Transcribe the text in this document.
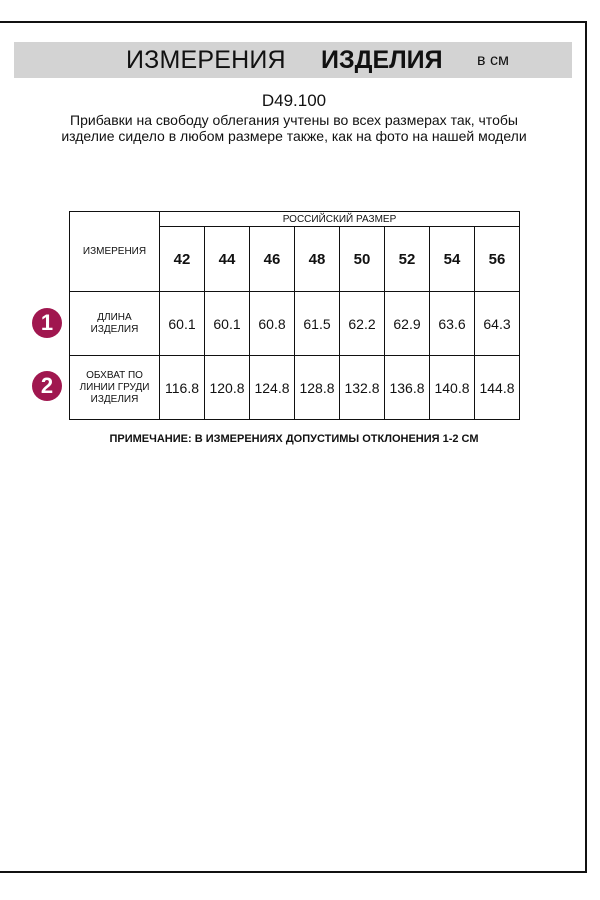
ИЗМЕРЕНИЯ ИЗДЕЛИЯ в см
D49.100
Прибавки на свободу облегания учтены во всех размерах так, чтобы изделие сидело в любом размере также, как на фото на нашей модели
1
2
ИЗМЕРЕНИЯ	РОССИЙСКИЙ РАЗМЕР							
	42	44	46	48	50	52	54	56
ДЛИНА ИЗДЕЛИЯ	60.1	60.1	60.8	61.5	62.2	62.9	63.6	64.3
ОБХВАТ ПО ЛИНИИ ГРУДИ ИЗДЕЛИЯ	116.8	120.8	124.8	128.8	132.8	136.8	140.8	144.8
ПРИМЕЧАНИЕ: В ИЗМЕРЕНИЯХ ДОПУСТИМЫ ОТКЛОНЕНИЯ 1-2 СМ
